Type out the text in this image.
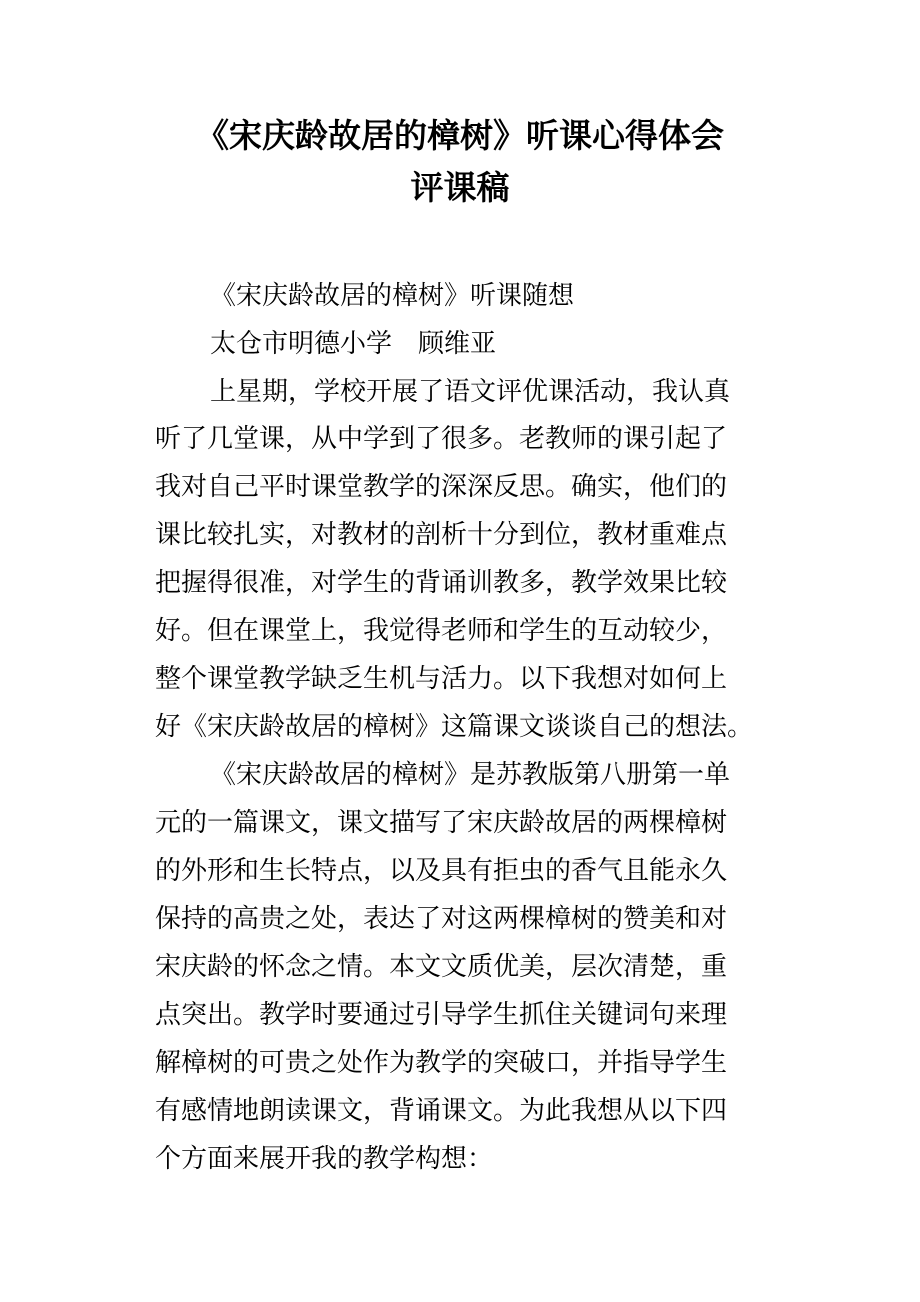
《宋庆龄故居的樟树》听课心得体会
评课稿

《宋庆龄故居的樟树》听课随想

太仓市明德小学　顾维亚

上星期，学校开展了语文评优课活动，我认真

听了几堂课，从中学到了很多。老教师的课引起了

我对自己平时课堂教学的深深反思。确实，他们的

课比较扎实，对教材的剖析十分到位，教材重难点

把握得很准，对学生的背诵训教多，教学效果比较

好。但在课堂上，我觉得老师和学生的互动较少，

整个课堂教学缺乏生机与活力。以下我想对如何上

好《宋庆龄故居的樟树》这篇课文谈谈自己的想法。

《宋庆龄故居的樟树》是苏教版第八册第一单

元的一篇课文，课文描写了宋庆龄故居的两棵樟树

的外形和生长特点，以及具有拒虫的香气且能永久

保持的高贵之处，表达了对这两棵樟树的赞美和对

宋庆龄的怀念之情。本文文质优美，层次清楚，重

点突出。教学时要通过引导学生抓住关键词句来理

解樟树的可贵之处作为教学的突破口，并指导学生

有感情地朗读课文，背诵课文。为此我想从以下四

个方面来展开我的教学构想：
